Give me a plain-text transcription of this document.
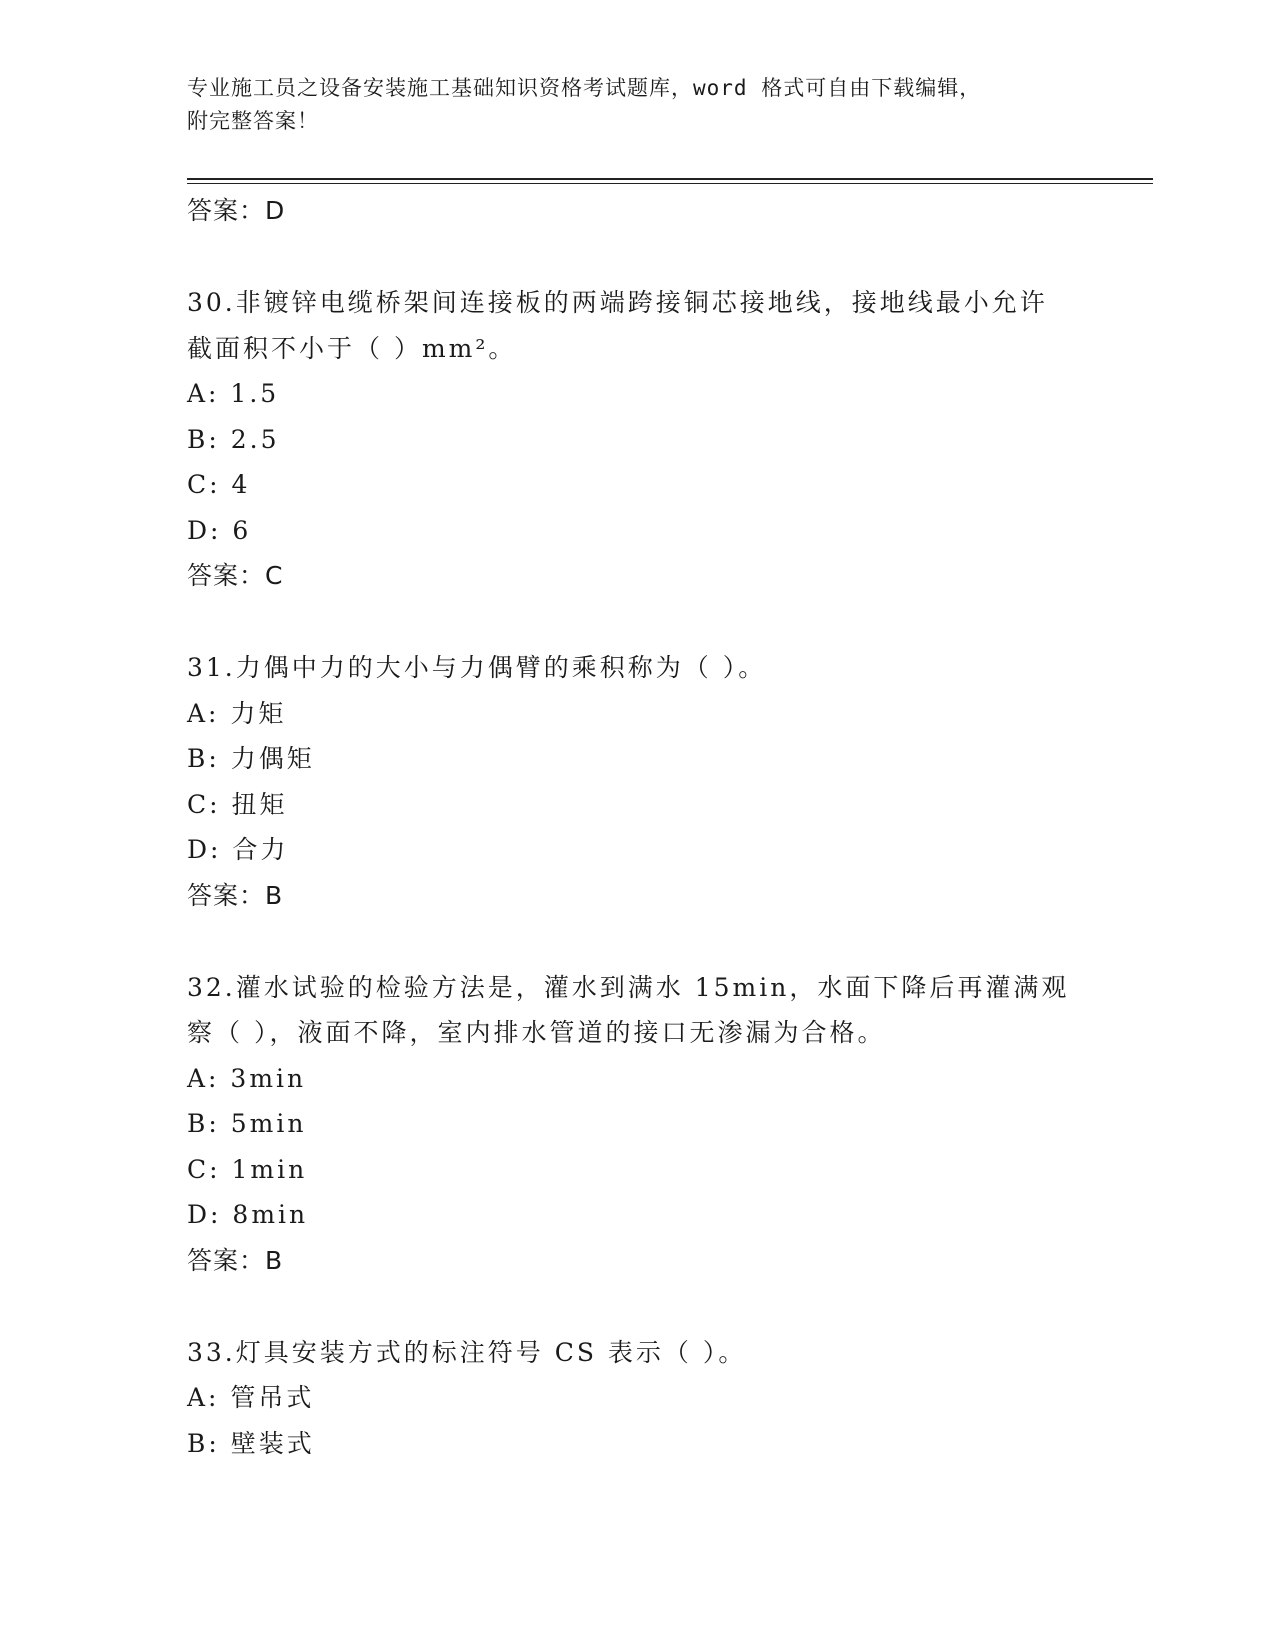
专业施工员之设备安装施工基础知识资格考试题库，word 格式可自由下载编辑，
附完整答案！
答案：D
30.非镀锌电缆桥架间连接板的两端跨接铜芯接地线，接地线最小允许
截面积不小于（ ）mm²。
A: 1.5
B: 2.5
C: 4
D: 6
答案：C
31.力偶中力的大小与力偶臂的乘积称为（ ）。
A: 力矩
B: 力偶矩
C: 扭矩
D: 合力
答案：B
32.灌水试验的检验方法是，灌水到满水 15min，水面下降后再灌满观
察（ ），液面不降，室内排水管道的接口无渗漏为合格。
A: 3min
B: 5min
C: 1min
D: 8min
答案：B
33.灯具安装方式的标注符号 CS 表示（ ）。
A: 管吊式
B: 壁装式
